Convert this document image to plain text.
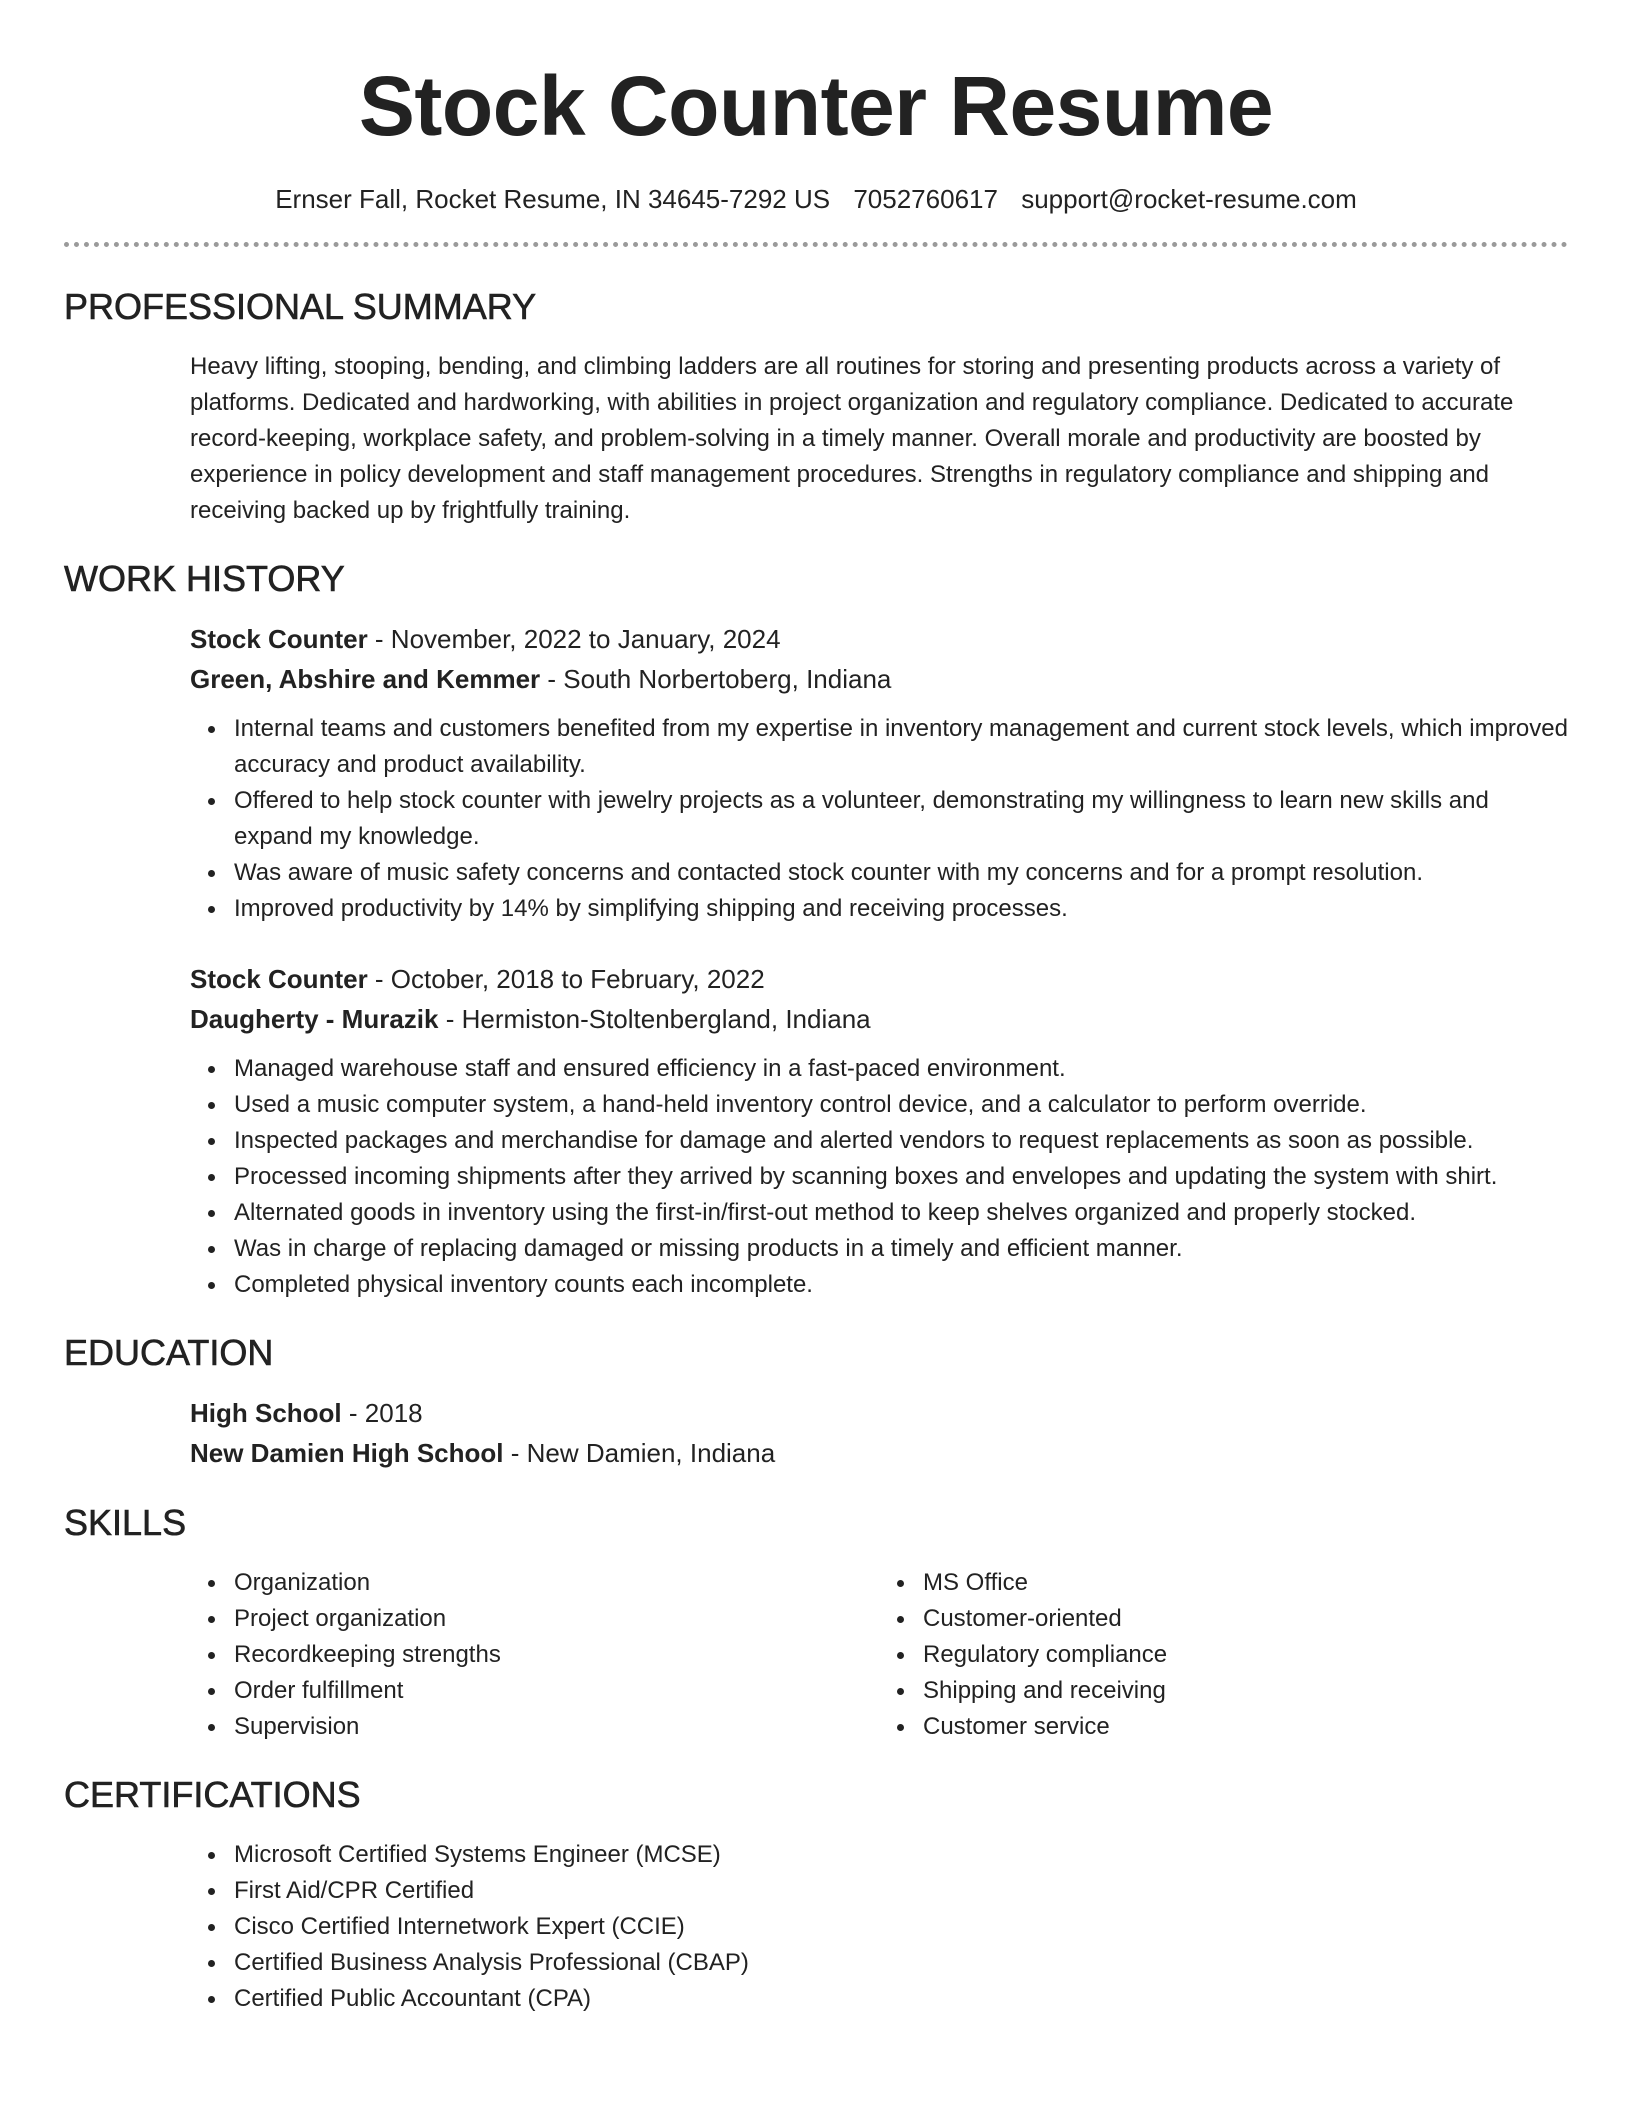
Stock Counter Resume
Ernser Fall, Rocket Resume, IN 34645-7292 US 7052760617 support@rocket-resume.com
PROFESSIONAL SUMMARY

Heavy lifting, stooping, bending, and climbing ladders are all routines for storing and presenting products across a variety of platforms. Dedicated and hardworking, with abilities in project organization and regulatory compliance. Dedicated to accurate record-keeping, workplace safety, and problem-solving in a timely manner. Overall morale and productivity are boosted by experience in policy development and staff management procedures. Strengths in regulatory compliance and shipping and receiving backed up by frightfully training.

WORK HISTORY
Stock Counter - November, 2022 to January, 2024
Green, Abshire and Kemmer - South Norbertoberg, Indiana
Internal teams and customers benefited from my expertise in inventory management and current stock levels, which improved accuracy and product availability.
Offered to help stock counter with jewelry projects as a volunteer, demonstrating my willingness to learn new skills and expand my knowledge.
Was aware of music safety concerns and contacted stock counter with my concerns and for a prompt resolution.
Improved productivity by 14% by simplifying shipping and receiving processes.
Stock Counter - October, 2018 to February, 2022
Daugherty - Murazik - Hermiston-Stoltenbergland, Indiana
Managed warehouse staff and ensured efficiency in a fast-paced environment.
Used a music computer system, a hand-held inventory control device, and a calculator to perform override.
Inspected packages and merchandise for damage and alerted vendors to request replacements as soon as possible.
Processed incoming shipments after they arrived by scanning boxes and envelopes and updating the system with shirt.
Alternated goods in inventory using the first-in/first-out method to keep shelves organized and properly stocked.
Was in charge of replacing damaged or missing products in a timely and efficient manner.
Completed physical inventory counts each incomplete.
EDUCATION
High School - 2018
New Damien High School - New Damien, Indiana
SKILLS
Organization
Project organization
Recordkeeping strengths
Order fulfillment
Supervision
MS Office
Customer-oriented
Regulatory compliance
Shipping and receiving
Customer service
CERTIFICATIONS
Microsoft Certified Systems Engineer (MCSE)
First Aid/CPR Certified
Cisco Certified Internetwork Expert (CCIE)
Certified Business Analysis Professional (CBAP)
Certified Public Accountant (CPA)
